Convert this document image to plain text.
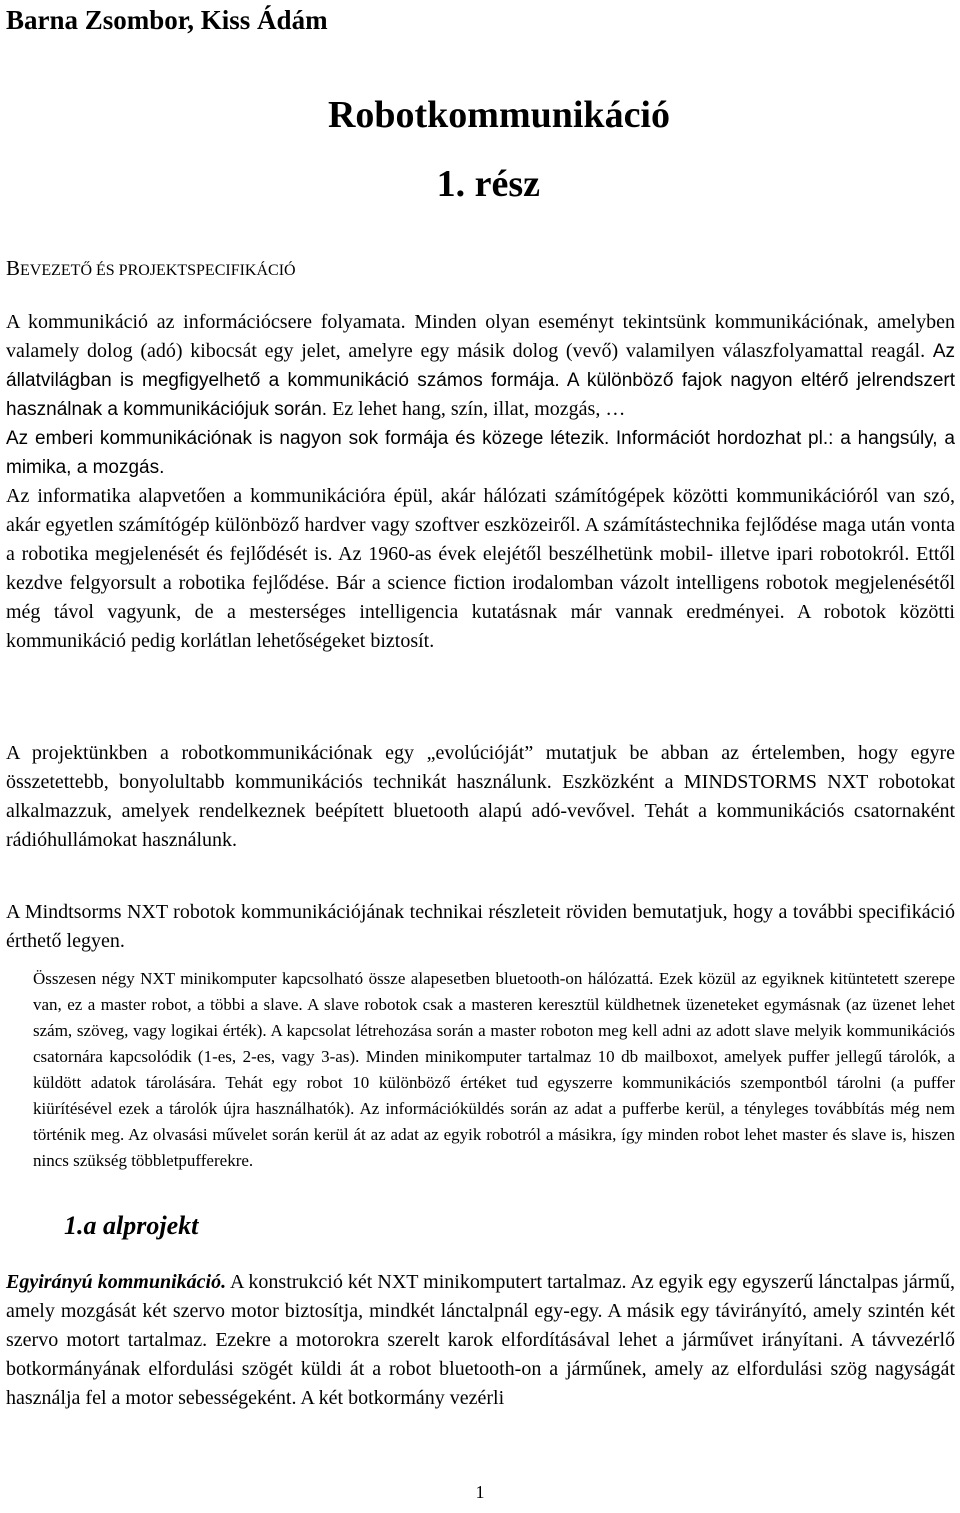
Barna Zsombor, Kiss Ádám
Robotkommunikáció
1. rész
BEVEZETŐ ÉS PROJEKTSPECIFIKÁCIÓ

A kommunikáció az információcsere folyamata. Minden olyan eseményt tekintsünk kommunikációnak, amelyben valamely dolog (adó) kibocsát egy jelet, amelyre egy másik dolog (vevő) valamilyen válaszfolyamattal reagál. Az állatvilágban is megfigyelhető a kommunikáció számos formája. A különböző fajok nagyon eltérő jelrendszert használnak a kommunikációjuk során. Ez lehet hang, szín, illat, mozgás, …
Az emberi kommunikációnak is nagyon sok formája és közege létezik. Információt hordozhat pl.: a hangsúly, a mimika, a mozgás.
Az informatika alapvetően a kommunikációra épül, akár hálózati számítógépek közötti kommunikációról van szó, akár egyetlen számítógép különböző hardver vagy szoftver eszközeiről. A számítástechnika fejlődése maga után vonta a robotika megjelenését és fejlődését is. Az 1960-as évek elejétől beszélhetünk mobil- illetve ipari robotokról. Ettől kezdve felgyorsult a robotika fejlődése. Bár a science fiction irodalomban vázolt intelligens robotok megjelenésétől még távol vagyunk, de a mesterséges intelligencia kutatásnak már vannak eredményei. A robotok közötti kommunikáció pedig korlátlan lehetőségeket biztosít.

A projektünkben a robotkommunikációnak egy „evolúcióját” mutatjuk be abban az értelemben, hogy egyre összetettebb, bonyolultabb kommunikációs technikát használunk. Eszközként a MINDSTORMS NXT robotokat alkalmazzuk, amelyek rendelkeznek beépített bluetooth alapú adó-vevővel. Tehát a kommunikációs csatornaként rádióhullámokat használunk.

A Mindtsorms NXT robotok kommunikációjának technikai részleteit röviden bemutatjuk, hogy a további specifikáció érthető legyen.

Összesen négy NXT minikomputer kapcsolható össze alapesetben bluetooth-on hálózattá. Ezek közül az egyiknek kitüntetett szerepe van, ez a master robot, a többi a slave. A slave robotok csak a masteren keresztül küldhetnek üzeneteket egymásnak (az üzenet lehet szám, szöveg, vagy logikai érték). A kapcsolat létrehozása során a master roboton meg kell adni az adott slave melyik kommunikációs csatornára kapcsolódik (1-es, 2-es, vagy 3-as). Minden minikomputer tartalmaz 10 db mailboxot, amelyek puffer jellegű tárolók, a küldött adatok tárolására. Tehát egy robot 10 különböző értéket tud egyszerre kommunikációs szempontból tárolni (a puffer kiürítésével ezek a tárolók újra használhatók). Az információküldés során az adat a pufferbe kerül, a tényleges továbbítás még nem történik meg. Az olvasási művelet során kerül át az adat az egyik robotról a másikra, így minden robot lehet master és slave is, hiszen nincs szükség többletpufferekre.

1.a alprojekt

Egyirányú kommunikáció. A konstrukció két NXT minikomputert tartalmaz. Az egyik egy egyszerű lánctalpas jármű, amely mozgását két szervo motor biztosítja, mindkét lánctalpnál egy-egy. A másik egy távirányító, amely szintén két szervo motort tartalmaz. Ezekre a motorokra szerelt karok elfordításával lehet a járművet irányítani. A távvezérlő botkormányának elfordulási szögét küldi át a robot bluetooth-on a járműnek, amely az elfordulási szög nagyságát használja fel a motor sebességeként. A két botkormány vezérli

1
